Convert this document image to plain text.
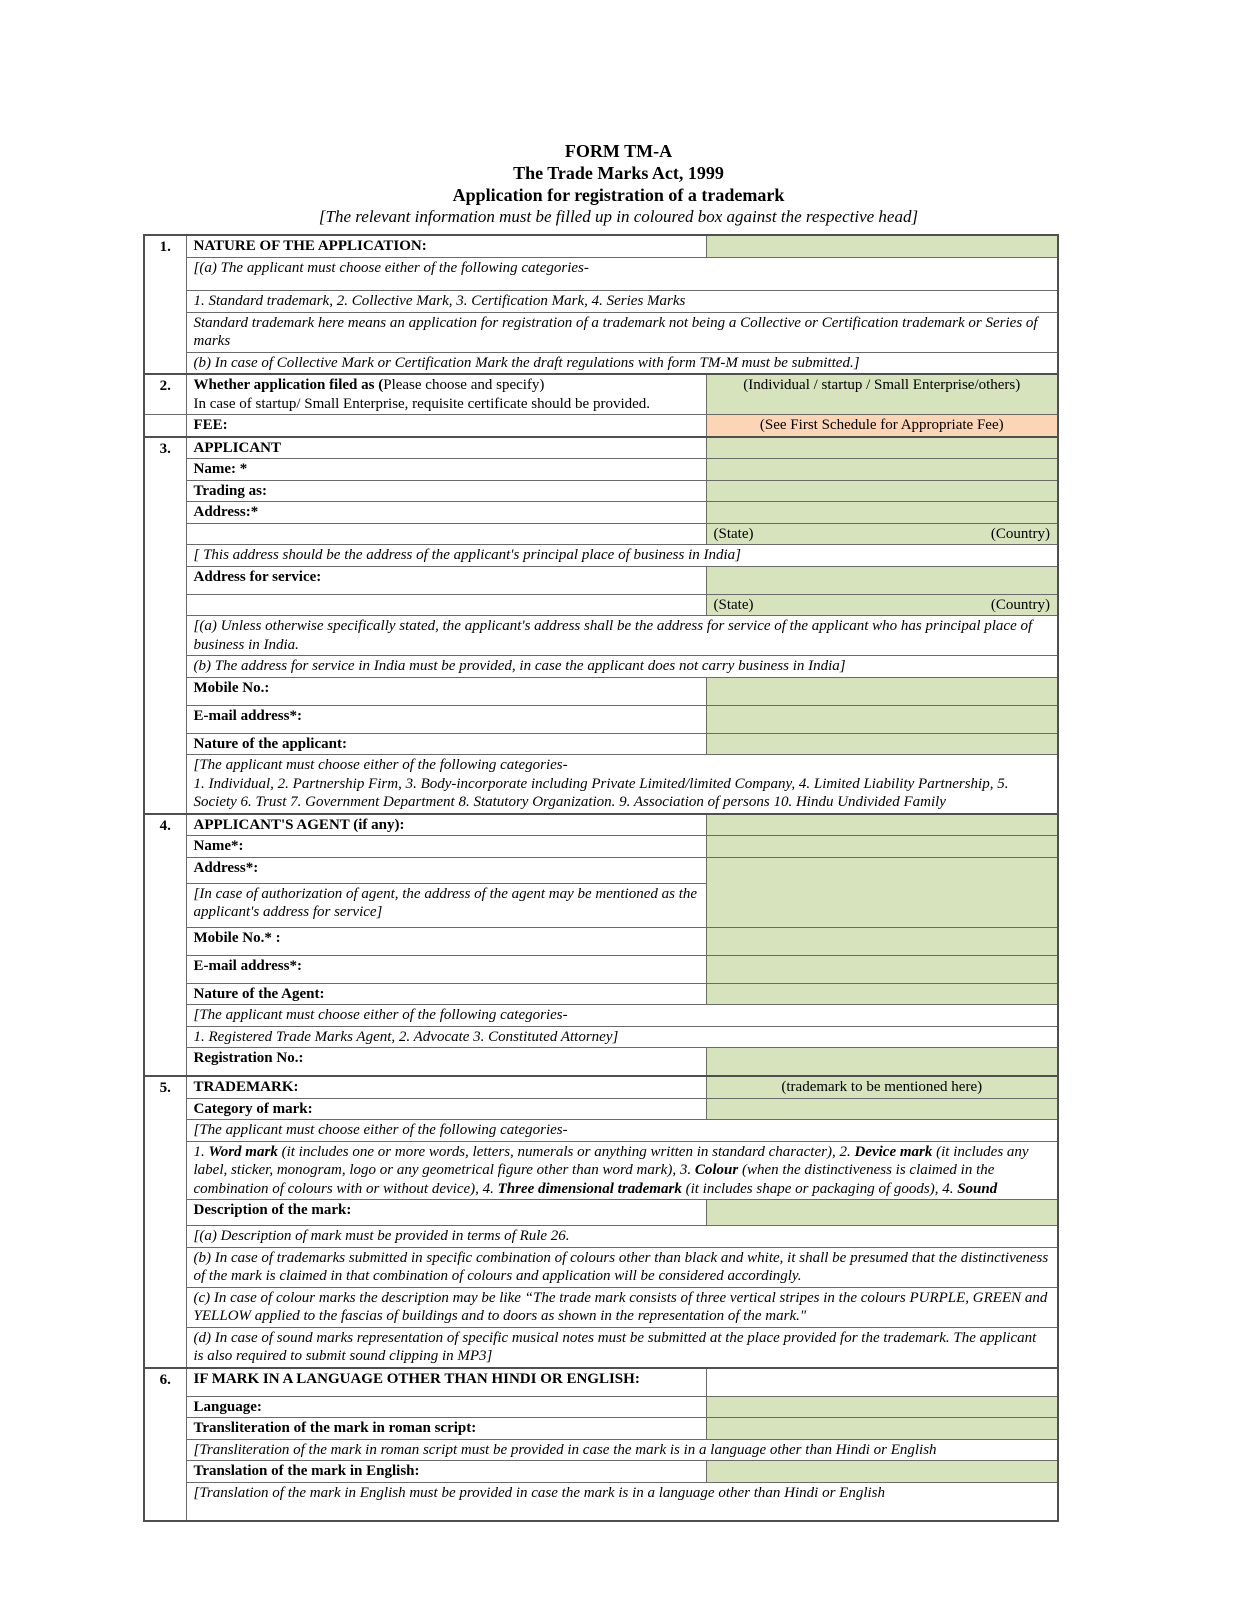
FORM TM-A
The Trade Marks Act, 1999
Application for registration of a trademark
[The relevant information must be filled up in coloured box against the respective head]
1.	NATURE OF THE APPLICATION:	
	[(a) The applicant must choose either of the following categories-	
	1. Standard trademark, 2. Collective Mark, 3. Certification Mark, 4. Series Marks	
	Standard trademark here means an application for registration of a trademark not being a Collective or Certification trademark or Series of marks	
	(b) In case of Collective Mark or Certification Mark the draft regulations with form TM-M must be submitted.]	
2.	Whether application filed as (Please choose and specify)
In case of startup/ Small Enterprise, requisite certificate should be provided.	(Individual / startup / Small Enterprise/others)
	FEE:	(See First Schedule for Appropriate Fee)
3.	APPLICANT	
	Name: *	
	Trading as:	
	Address:*	
		(State) (Country)

	[ This address should be the address of the applicant's principal place of business in India]	
	Address for service:	
		(State) (Country)

	[(a) Unless otherwise specifically stated, the applicant's address shall be the address for service of the applicant who has principal place of business in India.	
	(b) The address for service in India must be provided, in case the applicant does not carry business in India]	
	Mobile No.:	
	E-mail address*:	
	Nature of the applicant:	

	[The applicant must choose either of the following categories-
1. Individual, 2. Partnership Firm, 3. Body-incorporate including Private Limited/limited Company, 4. Limited Liability Partnership, 5. Society 6. Trust 7. Government Department 8. Statutory Organization. 9. Association of persons 10. Hindu Undivided Family	

4.	APPLICANT'S AGENT (if any):	
	Name*:	
	Address*:	
	[In case of authorization of agent, the address of the agent may be mentioned as the applicant's address for service]	
	Mobile No.* :	
	E-mail address*:	
	Nature of the Agent:	
	[The applicant must choose either of the following categories-	
	1. Registered Trade Marks Agent, 2. Advocate 3. Constituted Attorney]	
	Registration No.:	
5.	TRADEMARK:	(trademark to be mentioned here)
	Category of mark:	
	[The applicant must choose either of the following categories-	
	1. Word mark (it includes one or more words, letters, numerals or anything written in standard character), 2. Device mark (it includes any label, sticker, monogram, logo or any geometrical figure other than word mark), 3. Colour (when the distinctiveness is claimed in the combination of colours with or without device), 4. Three dimensional trademark (it includes shape or packaging of goods), 4. Sound	
	Description of the mark:	
	[(a) Description of mark must be provided in terms of Rule 26.	
	(b) In case of trademarks submitted in specific combination of colours other than black and white, it shall be presumed that the distinctiveness of the mark is claimed in that combination of colours and application will be considered accordingly.	
	(c) In case of colour marks the description may be like “The trade mark consists of three vertical stripes in the colours PURPLE, GREEN and YELLOW applied to the fascias of buildings and to doors as shown in the representation of the mark."	
	(d) In case of sound marks representation of specific musical notes must be submitted at the place provided for the trademark. The applicant is also required to submit sound clipping in MP3]	
6.	IF MARK IN A LANGUAGE OTHER THAN HINDI OR ENGLISH:	
	Language:	
	Transliteration of the mark in roman script:	
	[Transliteration of the mark in roman script must be provided in case the mark is in a language other than Hindi or English	
	Translation of the mark in English:	
	[Translation of the mark in English must be provided in case the mark is in a language other than Hindi or English	
